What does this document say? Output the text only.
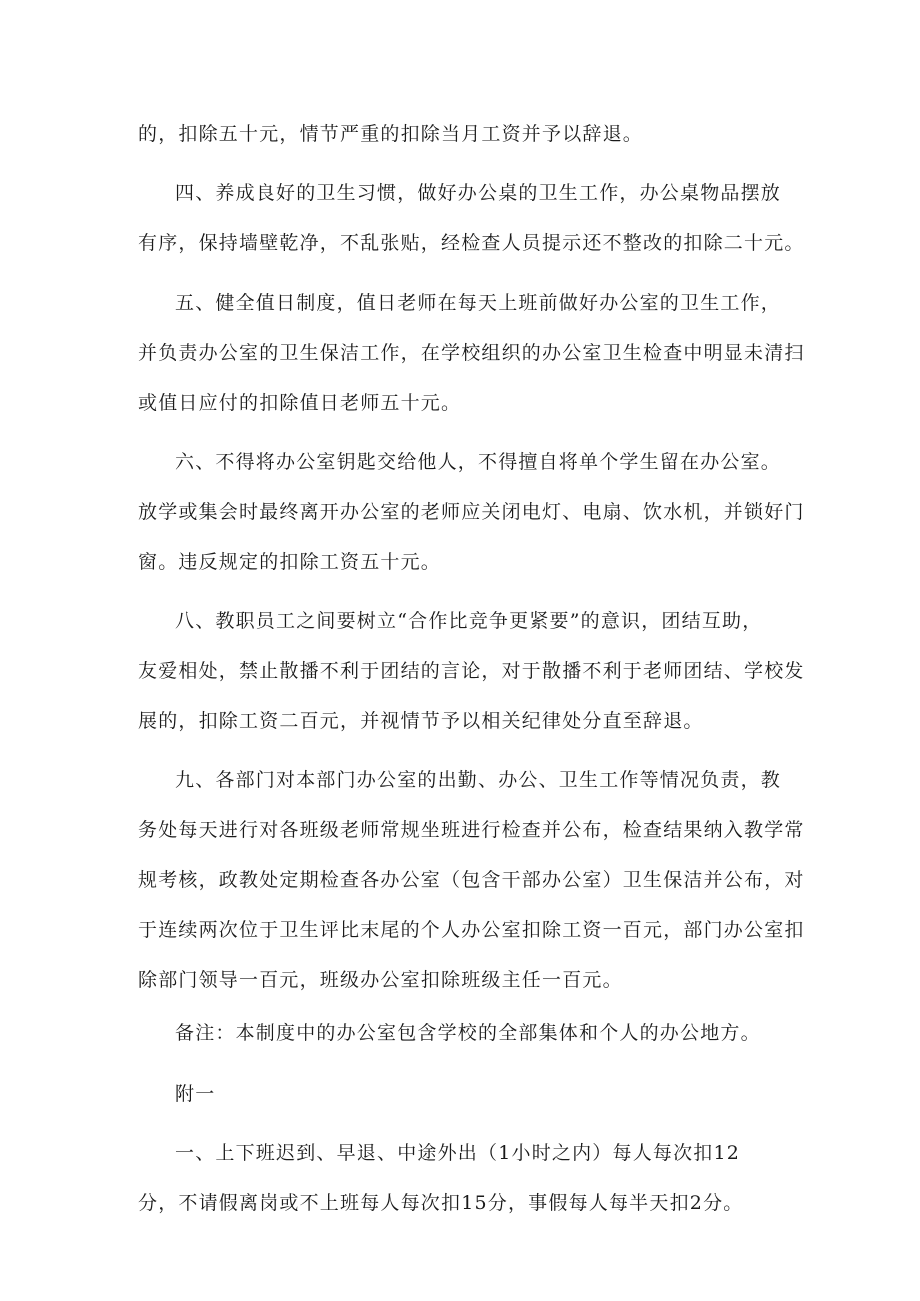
的，扣除五十元，情节严重的扣除当月工资并予以辞退。
四、养成良好的卫生习惯，做好办公桌的卫生工作，办公桌物品摆放
有序，保持墙壁乾净，不乱张贴，经检查人员提示还不整改的扣除二十元。
五、健全值日制度，值日老师在每天上班前做好办公室的卫生工作，
并负责办公室的卫生保洁工作，在学校组织的办公室卫生检查中明显未清扫
或值日应付的扣除值日老师五十元。
六、不得将办公室钥匙交给他人，不得擅自将单个学生留在办公室。
放学或集会时最终离开办公室的老师应关闭电灯、电扇、饮水机，并锁好门
窗。违反规定的扣除工资五十元。
八、教职员工之间要树立“合作比竞争更紧要”的意识，团结互助，
友爱相处，禁止散播不利于团结的言论，对于散播不利于老师团结、学校发
展的，扣除工资二百元，并视情节予以相关纪律处分直至辞退。
九、各部门对本部门办公室的出勤、办公、卫生工作等情况负责，教
务处每天进行对各班级老师常规坐班进行检查并公布，检查结果纳入教学常
规考核，政教处定期检查各办公室（包含干部办公室）卫生保洁并公布，对
于连续两次位于卫生评比末尾的个人办公室扣除工资一百元，部门办公室扣
除部门领导一百元，班级办公室扣除班级主任一百元。
备注：本制度中的办公室包含学校的全部集体和个人的办公地方。
附一
一、上下班迟到、早退、中途外出（1小时之内）每人每次扣12
分，不请假离岗或不上班每人每次扣15分，事假每人每半天扣2分。
